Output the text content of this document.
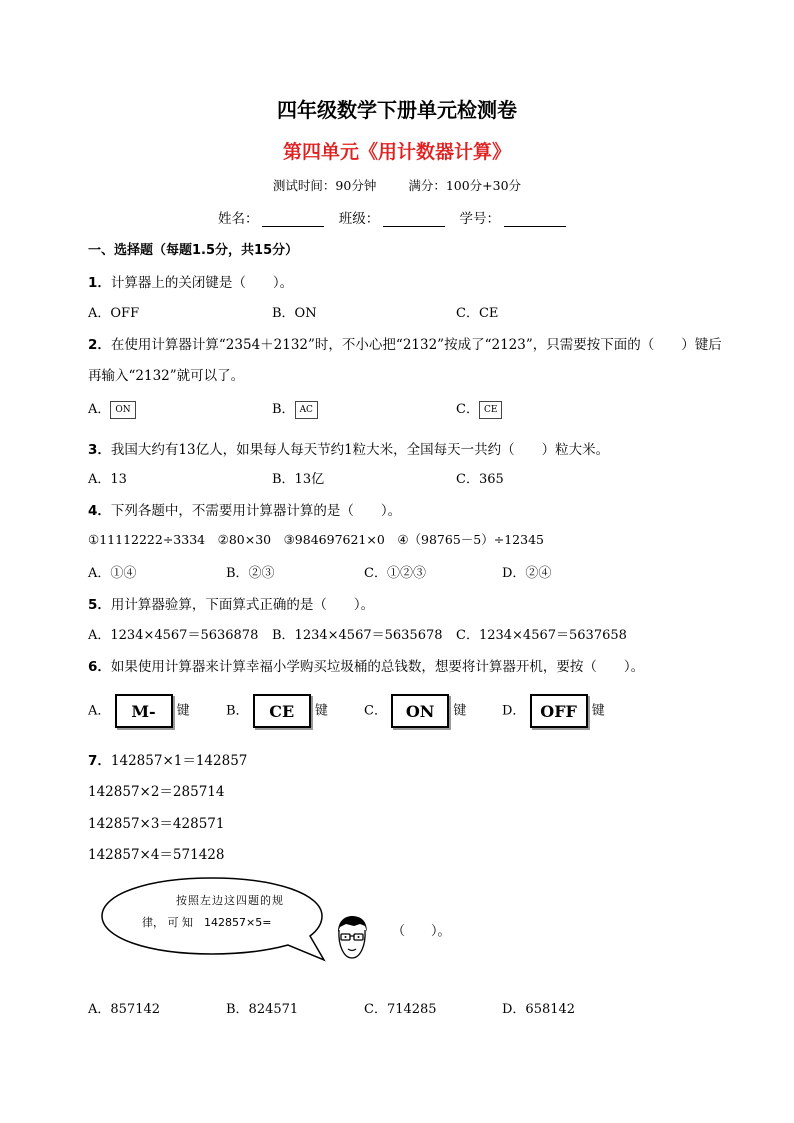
四年级数学下册单元检测卷
第四单元《用计数器计算》
测试时间：90分钟	满分：100分+30分
姓名：	班级：	学号：
一、选择题（每题1.5分，共15分）
1．计算器上的关闭键是（　　）。
A．OFF	B．ON	C．CE
2．在使用计算器计算“2354＋2132”时，不小心把“2132”按成了“2123”，只需要按下面的（　　）键后
再输入“2132”就可以了。
A． ON	B． AC	C． CE
3．我国大约有13亿人，如果每人每天节约1粒大米，全国每天一共约（　　）粒大米。
A．13	B．13亿	C．365
4．下列各题中，不需要用计算器计算的是（　　）。
①11112222÷3334　②80×30　③984697621×0　④（98765－5）÷12345
A．①④	B．②③	C．①②③	D．②④
5．用计算器验算，下面算式正确的是（　　）。
A．1234×4567＝5636878 B．1234×4567＝5635678 C．1234×4567＝5637658
6．如果使用计算器来计算幸福小学购买垃圾桶的总钱数，想要将计算器开机，要按（　　）。
A． M- 键	B． CE 键	C． ON 键	D． OFF 键
7．142857×1＝142857
142857×2＝285714
142857×3＝428571
142857×4＝571428
按照左边这四题的规
律， 可 知　142857×5=
（　　）。
A．857142	B．824571	C．714285	D．658142
